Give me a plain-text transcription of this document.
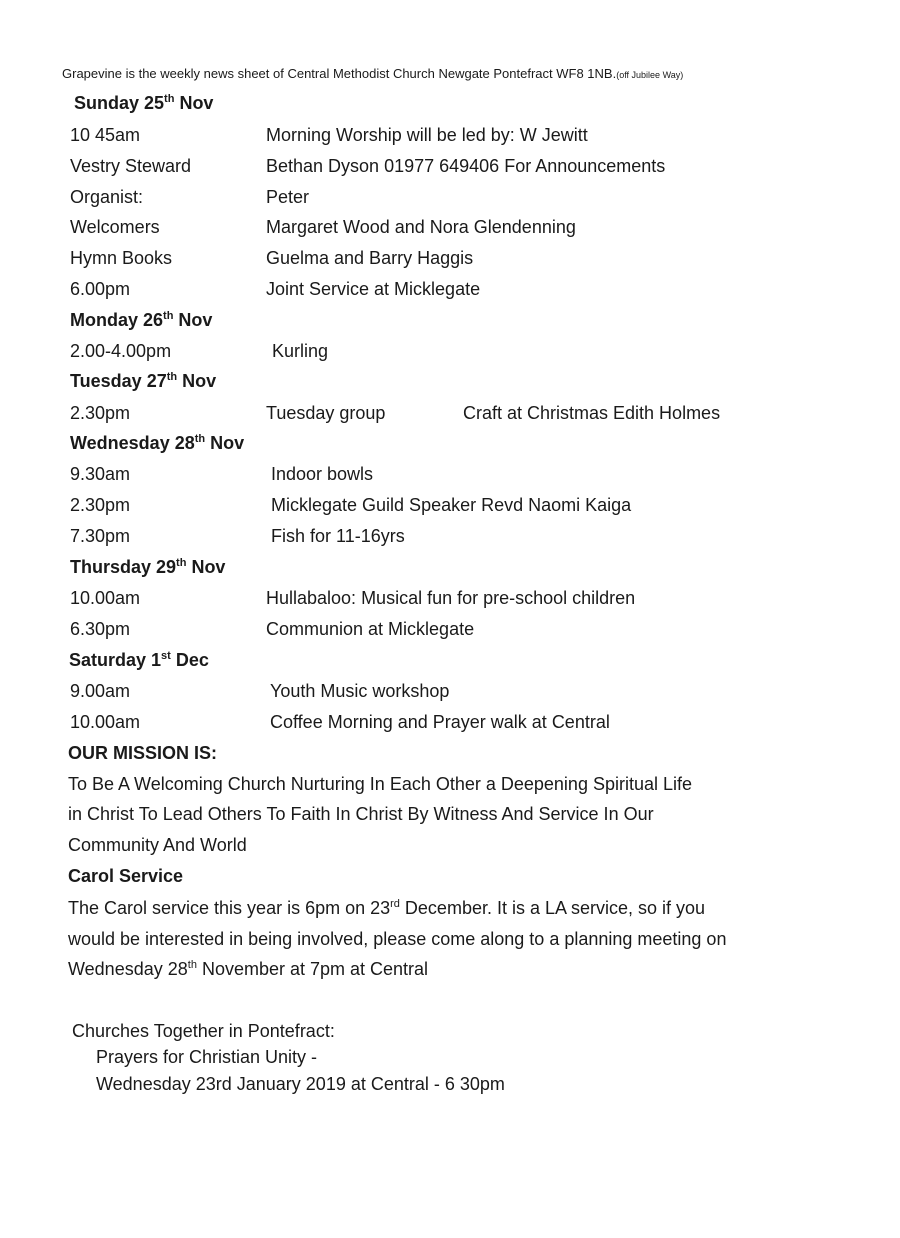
Grapevine is the weekly news sheet of Central Methodist Church Newgate Pontefract WF8 1NB.(off Jubilee Way)
Sunday 25th Nov
10 45am	Morning Worship will be led by: W Jewitt
Vestry Steward	Bethan Dyson 01977 649406 For Announcements
Organist:	Peter
Welcomers	Margaret Wood and Nora Glendenning
Hymn Books	Guelma and Barry Haggis
6.00pm	Joint Service at Micklegate
Monday 26th Nov
2.00-4.00pm	Kurling
Tuesday 27th Nov
2.30pm	Tuesday group	Craft at Christmas Edith Holmes
Wednesday 28th Nov
9.30am	Indoor bowls
2.30pm	Micklegate Guild Speaker Revd Naomi Kaiga
7.30pm	Fish for 11-16yrs
Thursday 29th Nov
10.00am	Hullabaloo: Musical fun for pre-school children
6.30pm	Communion at Micklegate
Saturday 1st Dec
9.00am	Youth Music workshop
10.00am	Coffee Morning and Prayer walk at Central
OUR MISSION IS:
To Be A Welcoming Church Nurturing In Each Other a Deepening Spiritual Life
in Christ To Lead Others To Faith In Christ By Witness And Service In Our
Community And World
Carol Service
The Carol service this year is 6pm on 23rd December. It is a LA service, so if you
would be interested in being involved, please come along to a planning meeting on
Wednesday 28th November at 7pm at Central
Churches Together in Pontefract:
Prayers for Christian Unity -
Wednesday 23rd January 2019 at Central - 6 30pm
